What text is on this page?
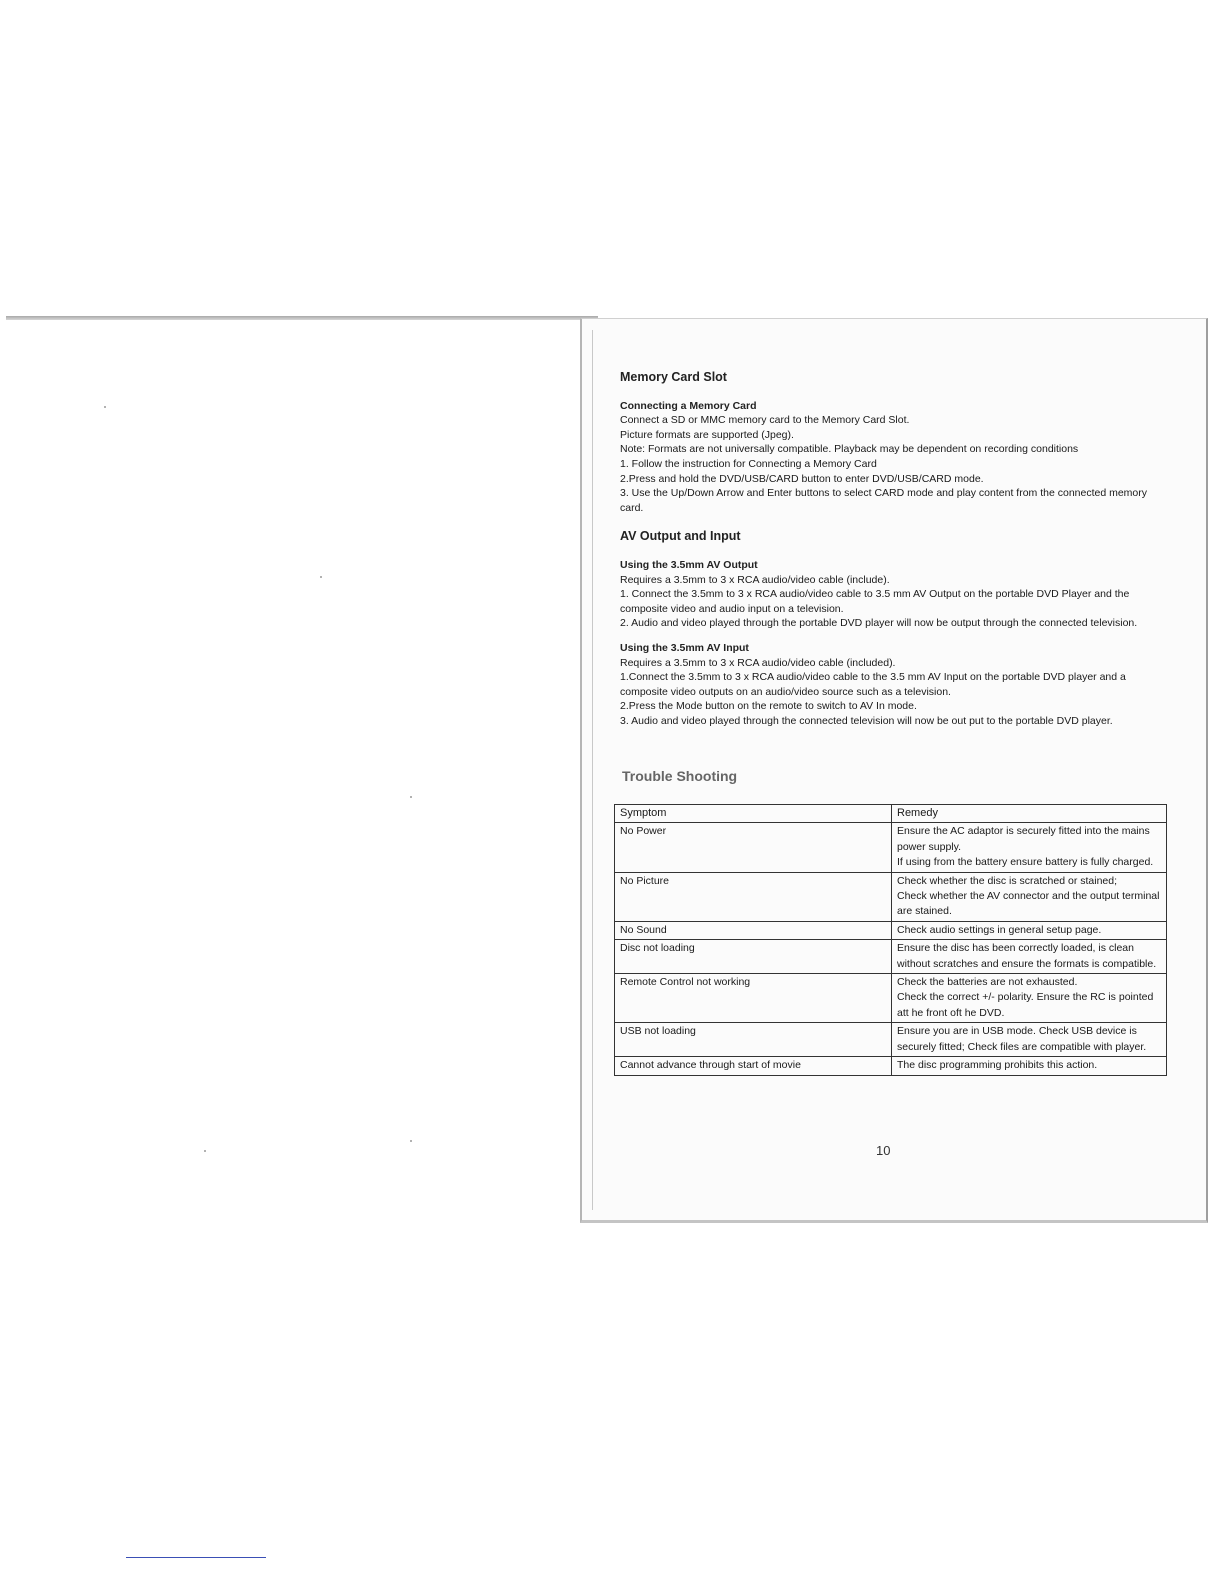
Memory Card Slot
Connecting a Memory Card

Connect a SD or MMC memory card to the Memory Card Slot.

Picture formats are supported (Jpeg).

Note: Formats are not universally compatible. Playback may be dependent on recording conditions

1. Follow the instruction for Connecting a Memory Card

2.Press and hold the DVD/USB/CARD button to enter DVD/USB/CARD mode.

3. Use the Up/Down Arrow and Enter buttons to select CARD mode and play content from the connected memory card.

AV Output and Input
Using the 3.5mm AV Output

Requires a 3.5mm to 3 x RCA audio/video cable (include).

1. Connect the 3.5mm to 3 x RCA audio/video cable to 3.5 mm AV Output on the portable DVD Player and the composite video and audio input on a television.

2. Audio and video played through the portable DVD player will now be output through the connected television.

Using the 3.5mm AV Input

Requires a 3.5mm to 3 x RCA audio/video cable (included).

1.Connect the 3.5mm to 3 x RCA audio/video cable to the 3.5 mm AV Input on the portable DVD player and a composite video outputs on an audio/video source such as a television.

2.Press the Mode button on the remote to switch to AV In mode.

3. Audio and video played through the connected television will now be out put to the portable DVD player.

Trouble Shooting
Symptom	Remedy
No Power	Ensure the AC adaptor is securely fitted into the mains power supply.
If using from the battery ensure battery is fully charged.

No Picture	Check whether the disc is scratched or stained;
Check whether the AV connector and the output terminal are stained.

No Sound	Check audio settings in general setup page.

Disc not loading	Ensure the disc has been correctly loaded, is clean without scratches and ensure the formats is compatible.

Remote Control not working	Check the batteries are not exhausted.
Check the correct +/- polarity. Ensure the RC is pointed att he front oft he DVD.

USB not loading	Ensure you are in USB mode. Check USB device is securely fitted; Check files are compatible with player.

Cannot advance through start of movie	The disc programming prohibits this action.
10
